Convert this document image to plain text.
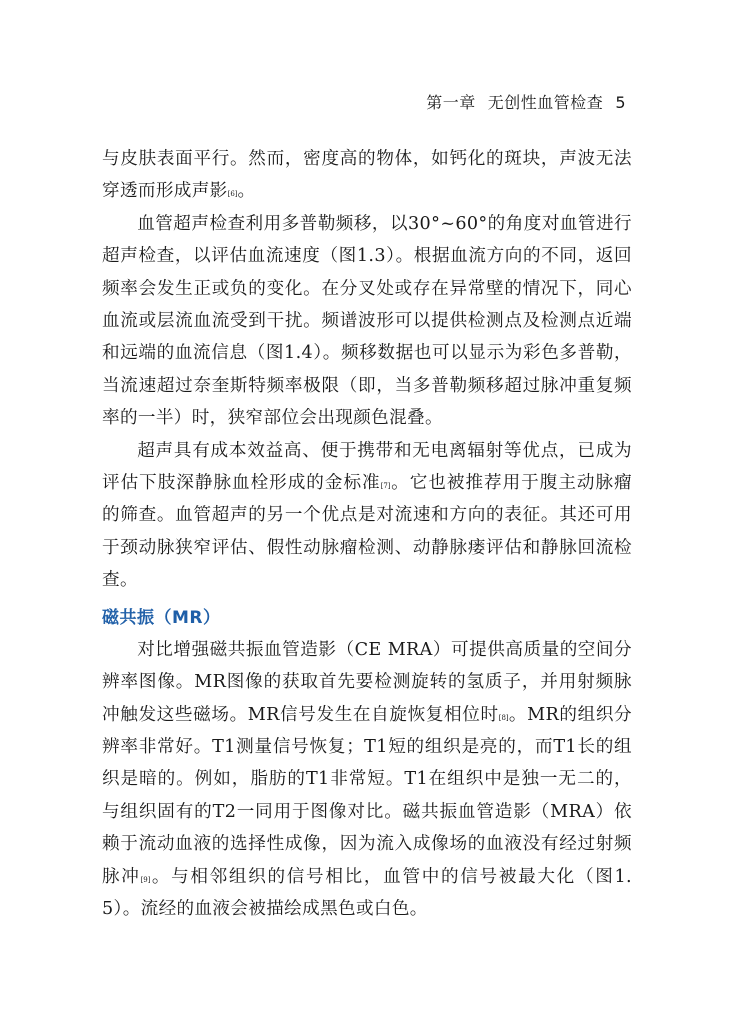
第一章 无创性血管检查 5

与皮肤表面平行。然而，密度高的物体，如钙化的斑块，声波无法穿透而形成声影[6]。

血管超声检查利用多普勒频移，以30°~60°的角度对血管进行超声检查，以评估血流速度（图1.3）。根据血流方向的不同，返回频率会发生正或负的变化。在分叉处或存在异常壁的情况下，同心血流或层流血流受到干扰。频谱波形可以提供检测点及检测点近端和远端的血流信息（图1.4）。频移数据也可以显示为彩色多普勒，当流速超过奈奎斯特频率极限（即，当多普勒频移超过脉冲重复频率的一半）时，狭窄部位会出现颜色混叠。

超声具有成本效益高、便于携带和无电离辐射等优点，已成为评估下肢深静脉血栓形成的金标准[7]。它也被推荐用于腹主动脉瘤的筛查。血管超声的另一个优点是对流速和方向的表征。其还可用于颈动脉狭窄评估、假性动脉瘤检测、动静脉瘘评估和静脉回流检查。

磁共振（MR）

对比增强磁共振血管造影（CE MRA）可提供高质量的空间分辨率图像。MR图像的获取首先要检测旋转的氢质子，并用射频脉冲触发这些磁场。MR信号发生在自旋恢复相位时[8]。MR的组织分辨率非常好。T1测量信号恢复；T1短的组织是亮的，而T1长的组织是暗的。例如，脂肪的T1非常短。T1在组织中是独一无二的，与组织固有的T2一同用于图像对比。磁共振血管造影（MRA）依赖于流动血液的选择性成像，因为流入成像场的血液没有经过射频脉冲[9]。与相邻组织的信号相比，血管中的信号被最大化（图1.5）。流经的血液会被描绘成黑色或白色。
